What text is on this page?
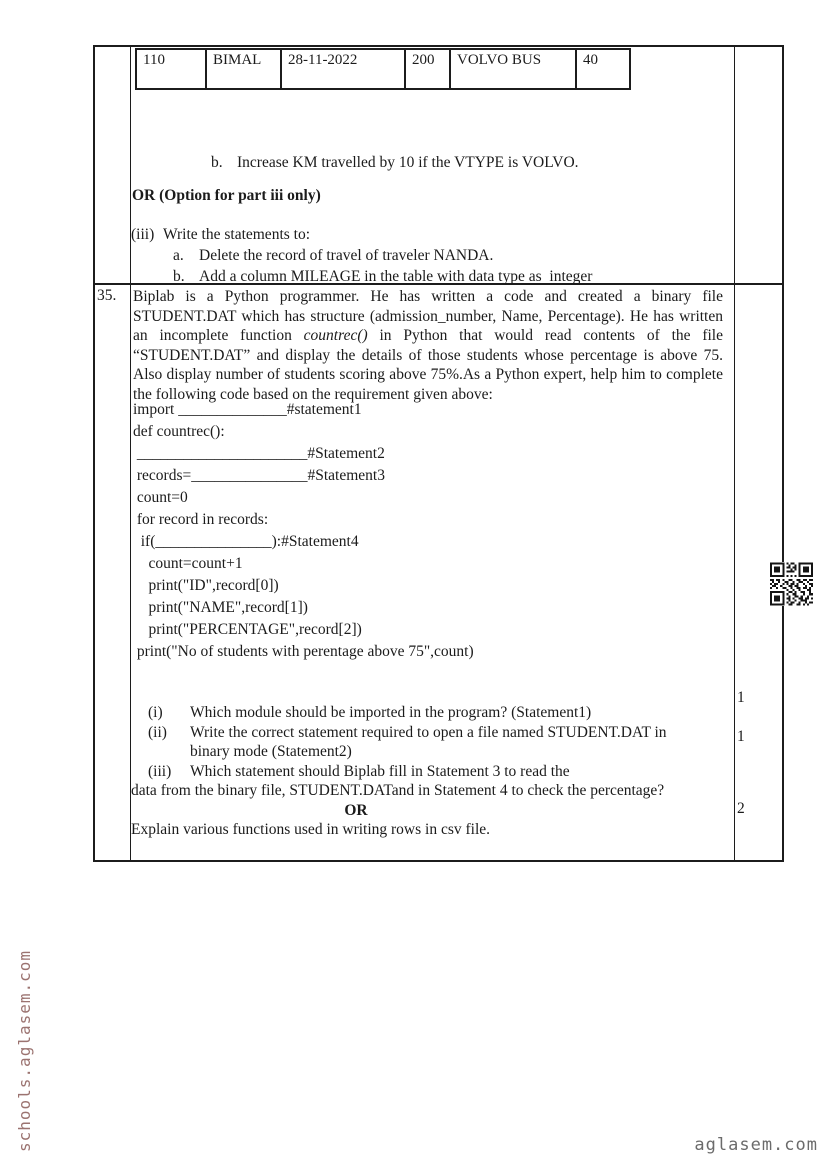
schools.aglasem.com
110	BIMAL	28-11-2022	200	VOLVO BUS	40
b. Increase KM travelled by 10 if the VTYPE is VOLVO.
OR (Option for part iii only)
(iii) Write the statements to:
a. Delete the record of travel of traveler NANDA.
b. Add a column MILEAGE in the table with data type as  integer
35.	Biplab is a Python programmer. He has written a code and created a binary file STUDENT.DAT which has structure (admission_number, Name, Percentage). He has written an incomplete function countrec() in Python that would read contents of the file “STUDENT.DAT” and display the details of those students whose percentage is above 75. Also display number of students scoring above 75%.As a Python expert, help him to complete the following code based on the requirement given above:
import ______________#statement1
def countrec():
______________________#Statement2
records=_______________#Statement3
count=0
for record in records:
if(_______________):#Statement4
count=count+1
print("ID",record[0])
print("NAME",record[1])
print("PERCENTAGE",record[2])
print("No of students with perentage above 75",count)
(i)	Which module should be imported in the program? (Statement1)
(ii)	Write the correct statement required to open a file named STUDENT.DAT in
binary mode (Statement2)
(iii)	Which statement should Biplab fill in Statement 3 to read the
data from the binary file, STUDENT.DATand in Statement 4 to check the percentage?
OR
Explain various functions used in writing rows in csv file.
1
1
2
aglasem.com
